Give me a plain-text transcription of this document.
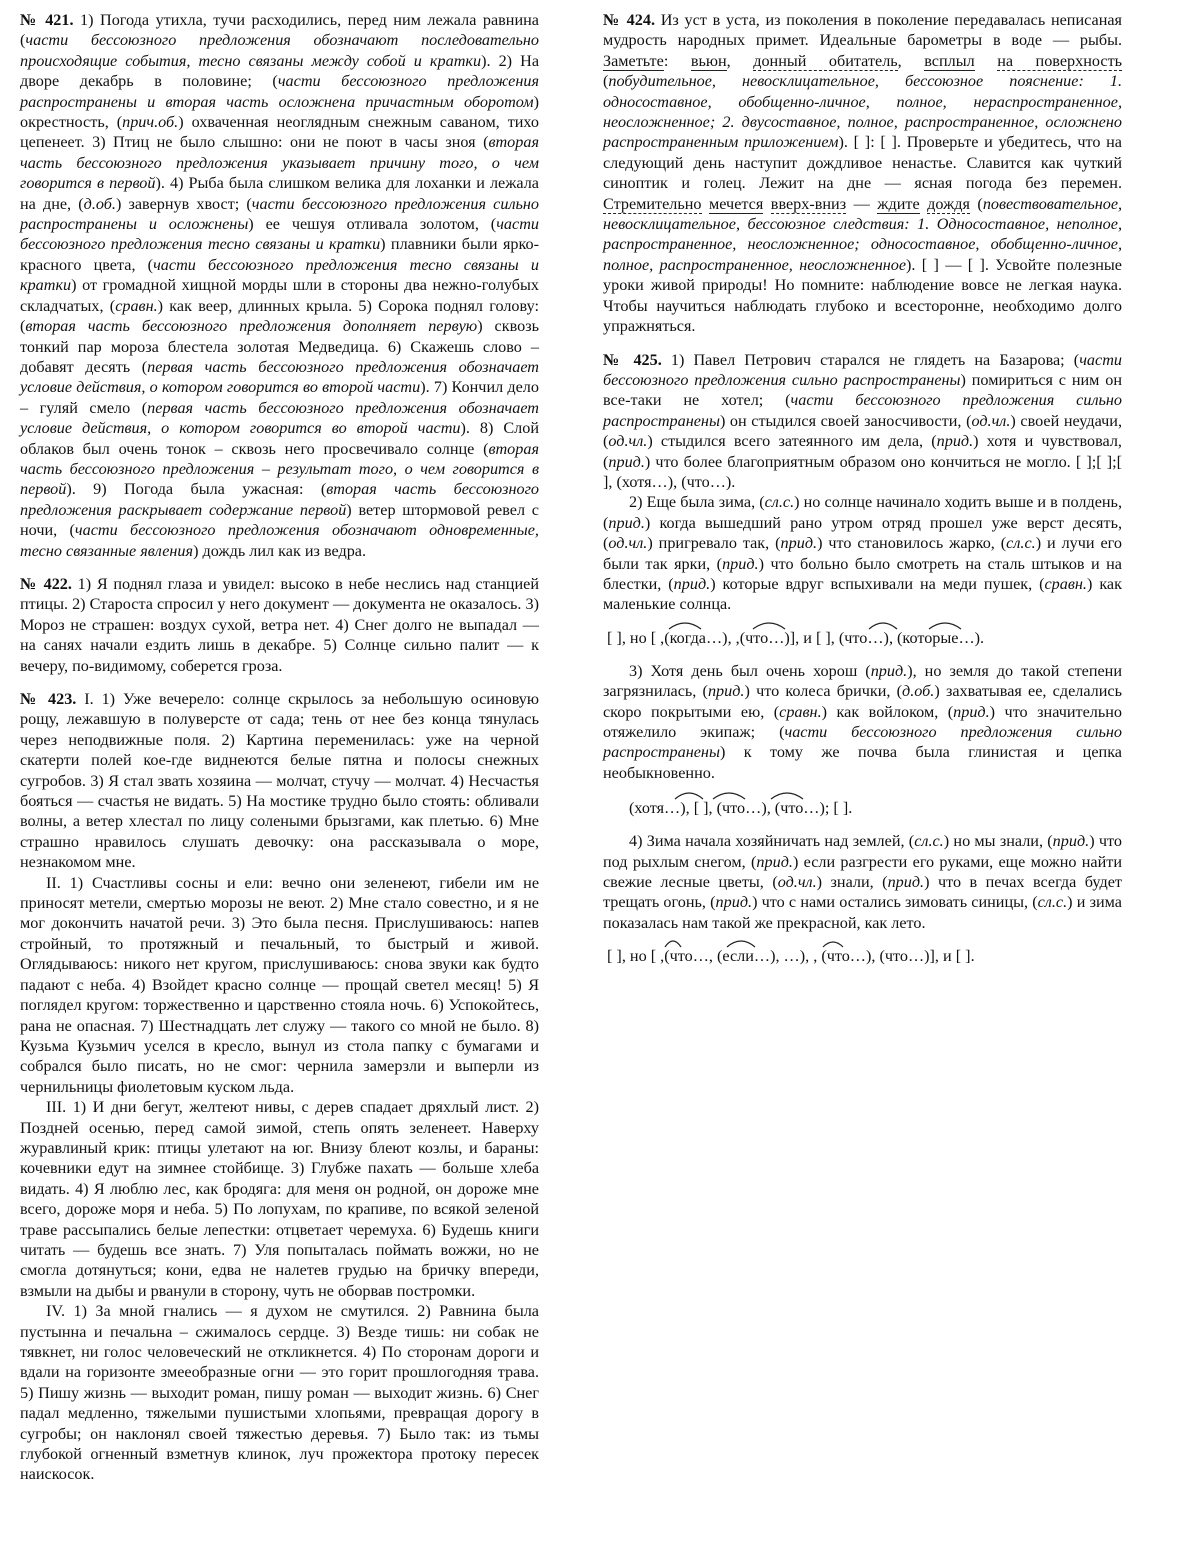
№ 421. 1) Погода утихла, тучи расходились, перед ним лежала равнина (части бессоюзного предложения обозначают последовательно происходящие события, тесно связаны между собой и кратки). 2) На дворе декабрь в половине; (части бессоюзного предложения распространены и вторая часть осложнена причастным оборотом) окрестность, (прич.об.) охваченная неоглядным снежным саваном, тихо цепенеет. 3) Птиц не было слышно: они не поют в часы зноя (вторая часть бессоюзного предложения указывает причину того, о чем говорится в первой). 4) Рыба была слишком велика для лоханки и лежала на дне, (д.об.) завернув хвост; (части бессоюзного предложения сильно распространены и осложнены) ее чешуя отливала золотом, (части бессоюзного предложения тесно связаны и кратки) плавники были ярко-красного цвета, (части бессоюзного предложения тесно связаны и кратки) от громадной хищной морды шли в стороны два нежно-голубых складчатых, (сравн.) как веер, длинных крыла. 5) Сорока поднял голову: (вторая часть бессоюзного предложения дополняет первую) сквозь тонкий пар мороза блестела золотая Медведица. 6) Скажешь слово – добавят десять (первая часть бессоюзного предложения обозначает условие действия, о котором говорится во второй части). 7) Кончил дело – гуляй смело (первая часть бессоюзного предложения обозначает условие действия, о котором говорится во второй части). 8) Слой облаков был очень тонок – сквозь него просвечивало солнце (вторая часть бессоюзного предложения – результат того, о чем говорится в первой). 9) Погода была ужасная: (вторая часть бессоюзного предложения раскрывает содержание первой) ветер штормовой ревел с ночи, (части бессоюзного предложения обозначают одновременные, тесно связанные явления) дождь лил как из ведра.

№ 422. 1) Я поднял глаза и увидел: высоко в небе неслись над станцией птицы. 2) Староста спросил у него документ — документа не оказалось. 3) Мороз не страшен: воздух сухой, ветра нет. 4) Снег долго не выпадал — на санях начали ездить лишь в декабре. 5) Солнце сильно палит — к вечеру, по-видимому, соберется гроза.

№ 423. I. 1) Уже вечерело: солнце скрылось за небольшую осиновую рощу, лежавшую в полуверсте от сада; тень от нее без конца тянулась через неподвижные поля. 2) Картина переменилась: уже на черной скатерти полей кое-где виднеются белые пятна и полосы снежных сугробов. 3) Я стал звать хозяина — молчат, стучу — молчат. 4) Несчастья бояться — счастья не видать. 5) На мостике трудно было стоять: обливали волны, а ветер хлестал по лицу солеными брызгами, как плетью. 6) Мне страшно нравилось слушать девочку: она рассказывала о море, незнакомом мне.

II. 1) Счастливы сосны и ели: вечно они зеленеют, гибели им не приносят метели, смертью морозы не веют. 2) Мне стало совестно, и я не мог докончить начатой речи. 3) Это была песня. Прислушиваюсь: напев стройный, то протяжный и печальный, то быстрый и живой. Оглядываюсь: никого нет кругом, прислушиваюсь: снова звуки как будто падают с неба. 4) Взойдет красно солнце — прощай светел месяц! 5) Я поглядел кругом: торжественно и царственно стояла ночь. 6) Успокойтесь, рана не опасная. 7) Шестнадцать лет служу — такого со мной не было. 8) Кузьма Кузьмич уселся в кресло, вынул из стола папку с бумагами и собрался было писать, но не смог: чернила замерзли и выперли из чернильницы фиолетовым куском льда.

III. 1) И дни бегут, желтеют нивы, с дерев спадает дряхлый лист. 2) Поздней осенью, перед самой зимой, степь опять зеленеет. Наверху журавлиный крик: птицы улетают на юг. Внизу блеют козлы, и бараны: кочевники едут на зимнее стойбище. 3) Глубже пахать — больше хлеба видать. 4) Я люблю лес, как бродяга: для меня он родной, он дороже мне всего, дороже моря и неба. 5) По лопухам, по крапиве, по всякой зеленой траве рассыпались белые лепестки: отцветает черемуха. 6) Будешь книги читать — будешь все знать. 7) Уля попыталась поймать вожжи, но не смогла дотянуться; кони, едва не налетев грудью на бричку впереди, взмыли на дыбы и рванули в сторону, чуть не оборвав постромки.

IV. 1) За мной гнались — я духом не смутился. 2) Равнина была пустынна и печальна – сжималось сердце. 3) Везде тишь: ни собак не тявкнет, ни голос человеческий не откликнется. 4) По сторонам дороги и вдали на горизонте змееобразные огни — это горит прошлогодняя трава. 5) Пишу жизнь — выходит роман, пишу роман — выходит жизнь. 6) Снег падал медленно, тяжелыми пушистыми хлопьями, превращая дорогу в сугробы; он наклонял своей тяжестью деревья. 7) Было так: из тьмы глубокой огненный взметнув клинок, луч прожектора протоку пересек наискосок.

№ 424. Из уст в уста, из поколения в поколение передавалась неписаная мудрость народных примет. Идеальные барометры в воде — рыбы. Заметьте: вьюн, донный обитатель, всплыл на поверхность (побудительное, невосклицательное, бессоюзное пояснение: 1. односоставное, обобщенно-личное, полное, нераспространенное, неосложненное; 2. двусоставное, полное, распространенное, осложнено распространенным приложением). [ ]: [ ]. Проверьте и убедитесь, что на следующий день наступит дождливое ненастье. Славится как чуткий синоптик и голец. Лежит на дне — ясная погода без перемен. Стремительно мечется вверх-вниз — ждите дождя (повествовательное, невосклицательное, бессоюзное следствия: 1. Односоставное, неполное, распространенное, неосложненное; односоставное, обобщенно-личное, полное, распространенное, неосложненное). [ ] — [ ]. Усвойте полезные уроки живой природы! Но помните: наблюдение вовсе не легкая наука. Чтобы научиться наблюдать глубоко и всесторонне, необходимо долго упражняться.

№ 425. 1) Павел Петрович старался не глядеть на Базарова; (части бессоюзного предложения сильно распространены) помириться с ним он все-таки не хотел; (части бессоюзного предложения сильно распространены) он стыдился своей заносчивости, (од.чл.) своей неудачи, (од.чл.) стыдился всего затеянного им дела, (прид.) хотя и чувствовал, (прид.) что более благоприятным образом оно кончиться не могло. [ ];[ ];[ ], (хотя…), (что…).

2) Еще была зима, (сл.с.) но солнце начинало ходить выше и в полдень, (прид.) когда вышедший рано утром отряд прошел уже верст десять, (од.чл.) пригревало так, (прид.) что становилось жарко, (сл.с.) и лучи его были так ярки, (прид.) что больно было смотреть на сталь штыков и на блестки, (прид.) которые вдруг вспыхивали на меди пушек, (сравн.) как маленькие солнца.

[ ], но [ ,(когда…), ,(что…)], и [ ], (что…), (которые…).

3) Хотя день был очень хорош (прид.), но земля до такой степени загрязнилась, (прид.) что колеса брички, (д.об.) захватывая ее, сделались скоро покрытыми ею, (сравн.) как войлоком, (прид.) что значительно отяжелило экипаж; (части бессоюзного предложения сильно распространены) к тому же почва была глинистая и цепка необыкновенно.

(хотя…), [ ], (что…), (что…); [ ].

4) Зима начала хозяйничать над землей, (сл.с.) но мы знали, (прид.) что под рыхлым снегом, (прид.) если разгрести его руками, еще можно найти свежие лесные цветы, (од.чл.) знали, (прид.) что в печах всегда будет трещать огонь, (прид.) что с нами остались зимовать синицы, (сл.с.) и зима показалась нам такой же прекрасной, как лето.

[ ], но [ ,(что…, (если…), …), , (что…), (что…)], и [ ].
